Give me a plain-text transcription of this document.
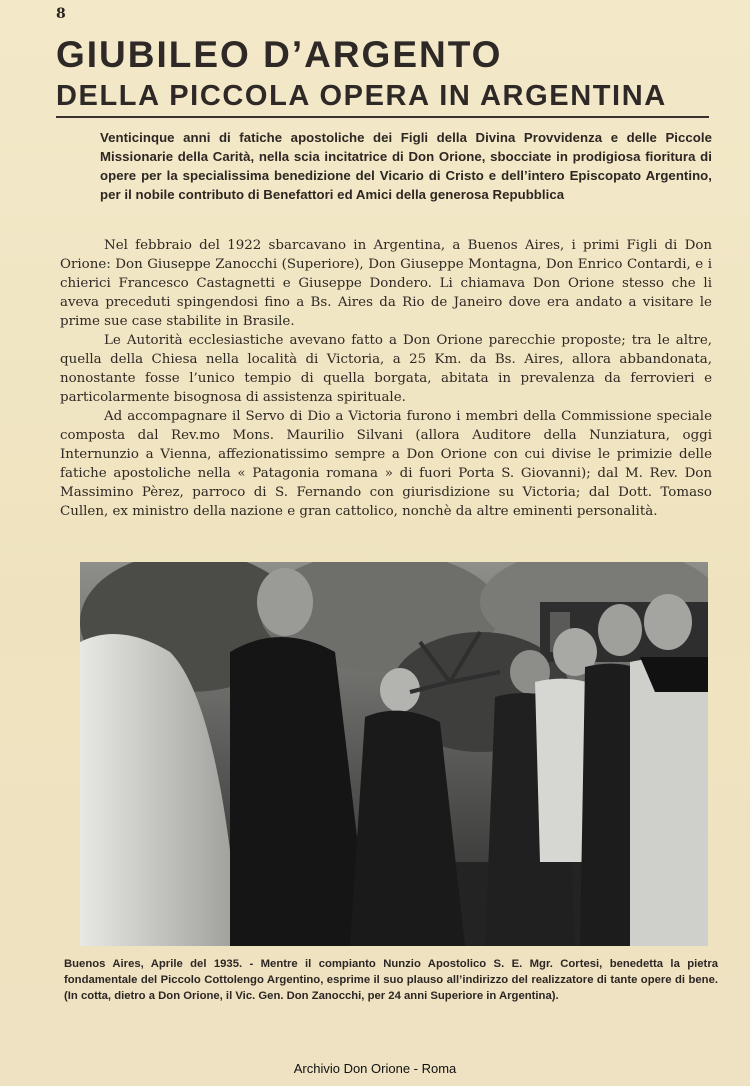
8
GIUBILEO D’ARGENTO
DELLA PICCOLA OPERA IN ARGENTINA
Venticinque anni di fatiche apostoliche dei Figli della Divina Provvidenza e delle Piccole Missionarie della Carità, nella scia incitatrice di Don Orione, sbocciate in prodigiosa fioritura di opere per la specialissima benedizione del Vicario di Cristo e dell’intero Episcopato Argentino, per il nobile contributo di Benefattori ed Amici della generosa Repubblica

Nel febbraio del 1922 sbarcavano in Argentina, a Buenos Aires, i primi Figli di Don Orione: Don Giuseppe Zanocchi (Superiore), Don Giuseppe Montagna, Don Enrico Contardi, e i chierici Francesco Castagnetti e Giuseppe Dondero. Li chiamava Don Orione stesso che li aveva preceduti spingendosi fino a Bs. Aires da Rio de Janeiro dove era andato a visitare le prime sue case stabilite in Brasile.

Le Autorità ecclesiastiche avevano fatto a Don Orione parecchie proposte; tra le altre, quella della Chiesa nella località di Victoria, a 25 Km. da Bs. Aires, allora abbandonata, nonostante fosse l’unico tempio di quella borgata, abitata in prevalenza da ferrovieri e particolarmente bisognosa di assistenza spirituale.

Ad accompagnare il Servo di Dio a Victoria furono i membri della Commissione speciale composta dal Rev.mo Mons. Maurilio Silvani (allora Auditore della Nunziatura, oggi Internunzio a Vienna, affezionatissimo sempre a Don Orione con cui divise le primizie delle fatiche apostoliche nella « Patagonia romana » di fuori Porta S. Giovanni); dal M. Rev. Don Massimino Pèrez, parroco di S. Fernando con giurisdizione su Victoria; dal Dott. Tomaso Cullen, ex ministro della nazione e gran cattolico, nonchè da altre eminenti personalità.

Buenos Aires, Aprile del 1935. - Mentre il compianto Nunzio Apostolico S. E. Mgr. Cortesi, benedetta la pietra fondamentale del Piccolo Cottolengo Argentino, esprime il suo plauso all’indirizzo del realizzatore di tante opere di bene. (In cotta, dietro a Don Orione, il Vic. Gen. Don Zanocchi, per 24 anni Superiore in Argentina).
Archivio Don Orione - Roma
